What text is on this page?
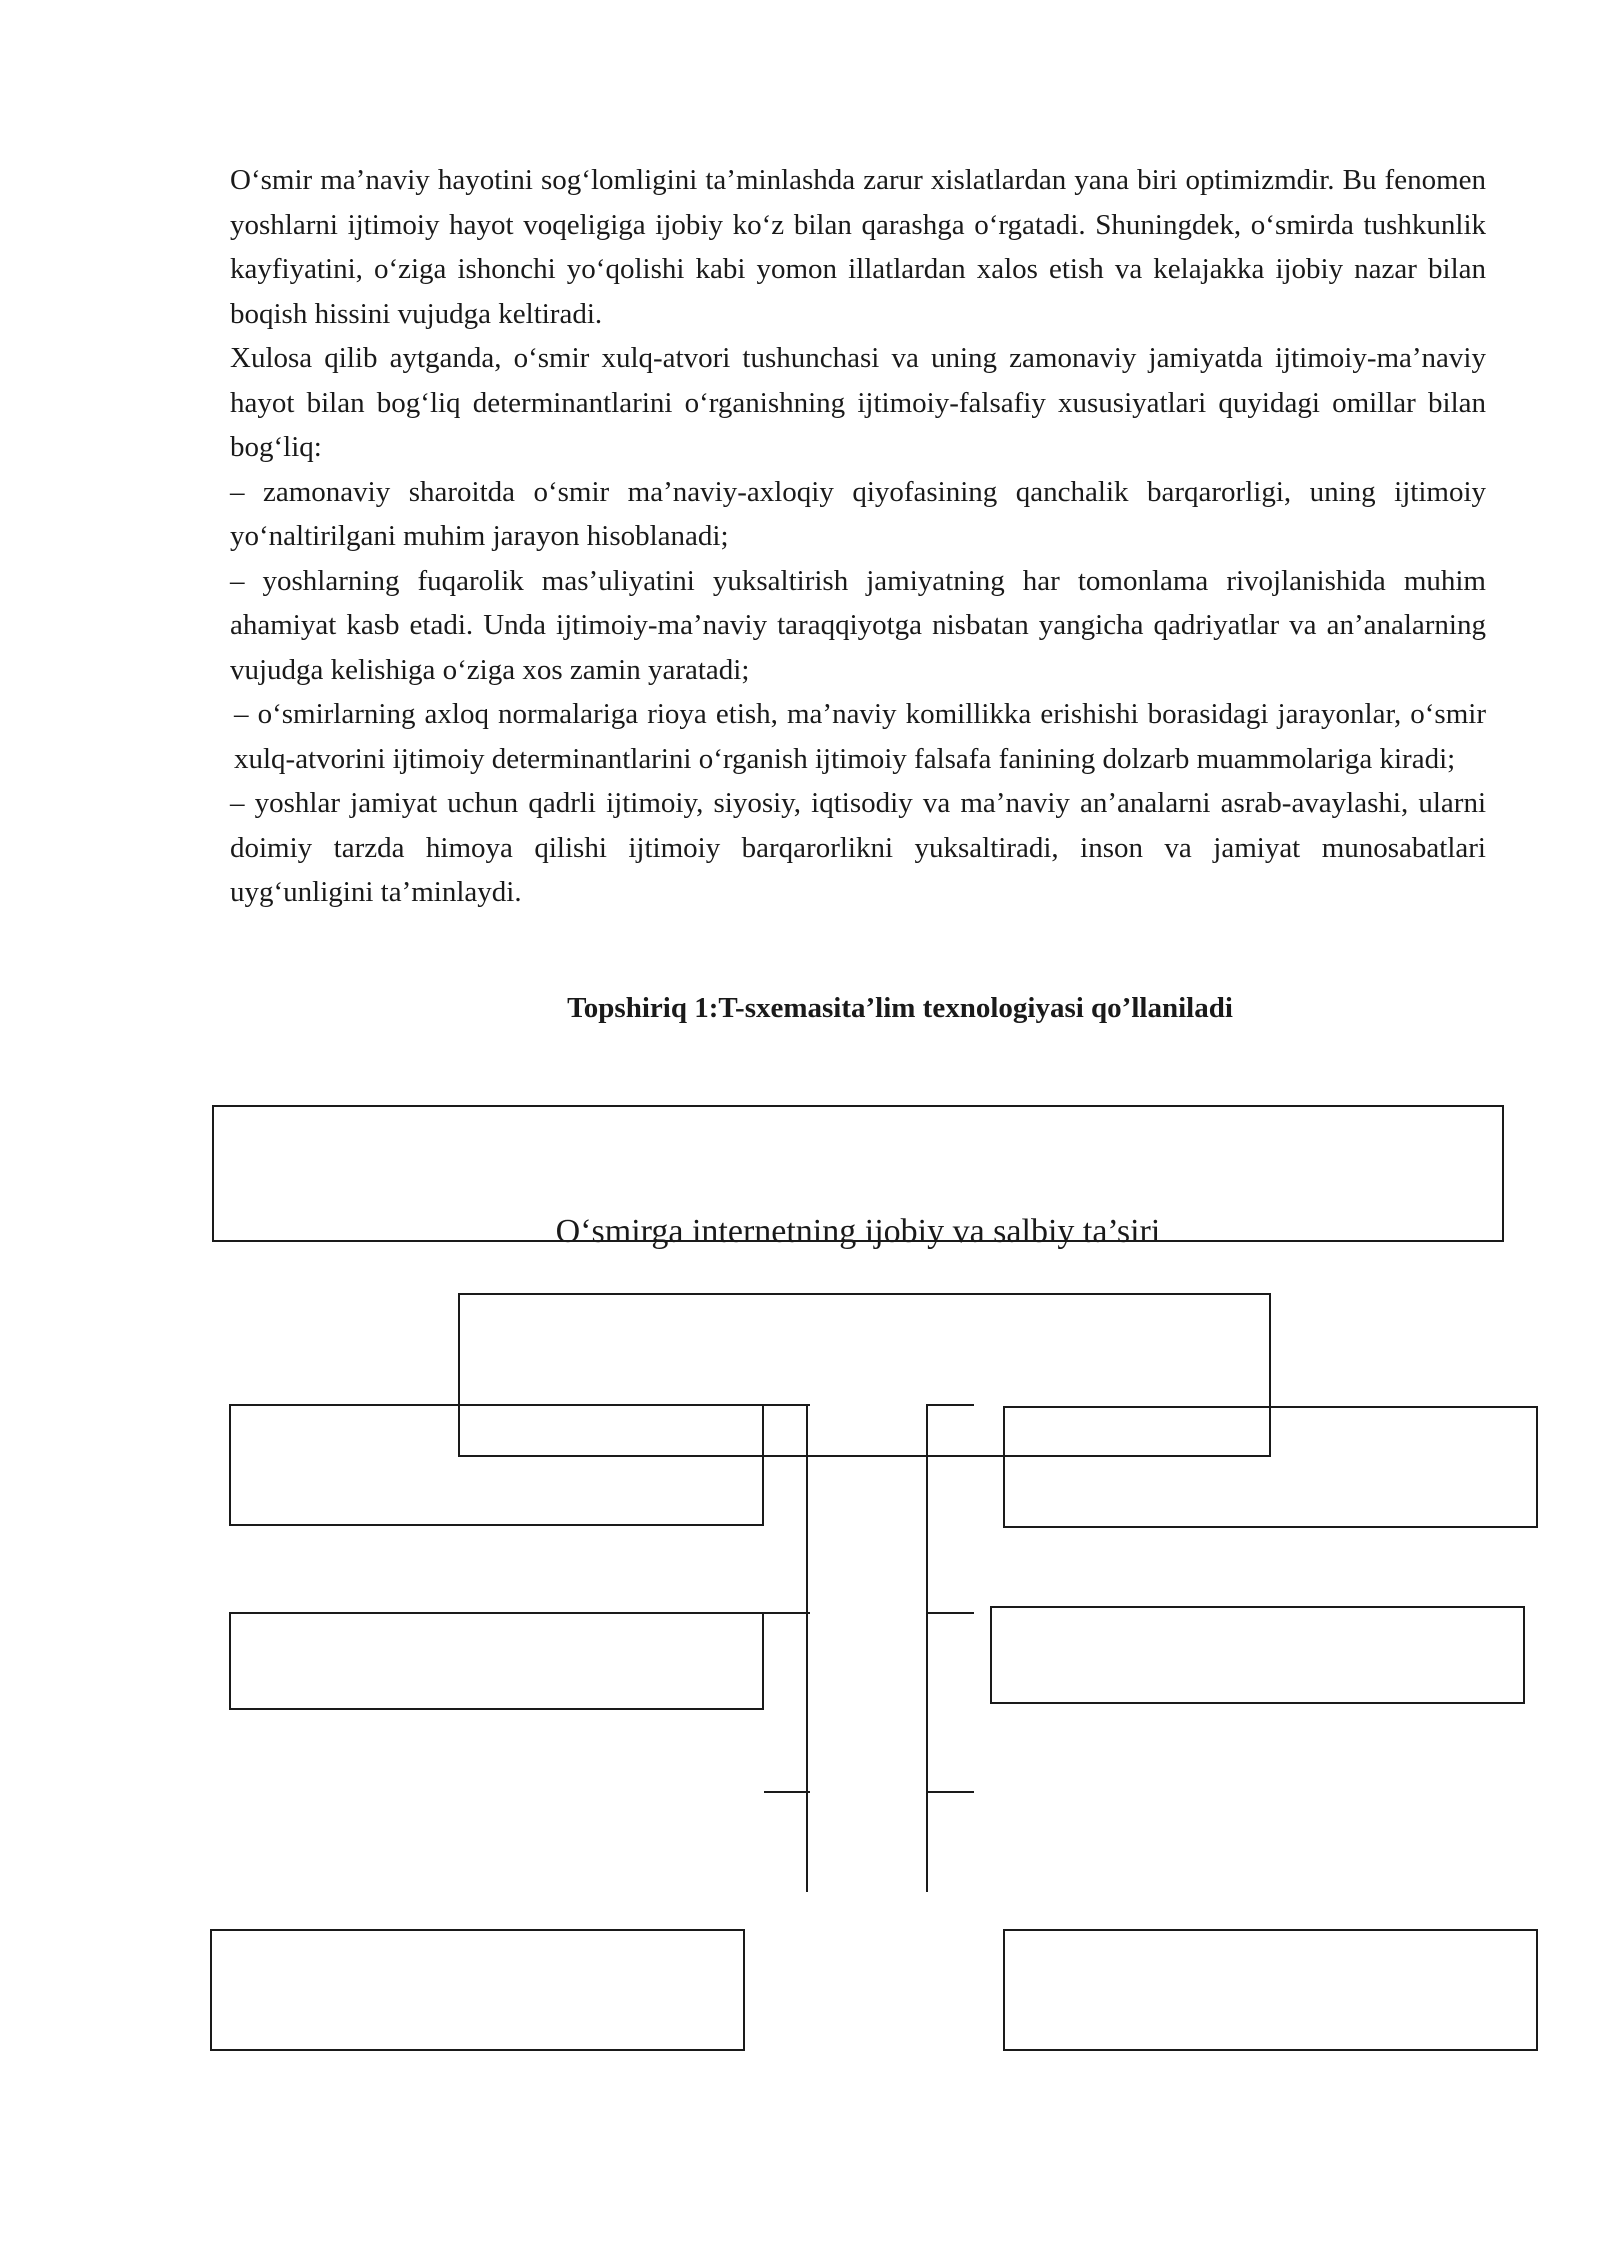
O‘smir ma’naviy hayotini sog‘lomligini ta’minlashda zarur xislatlardan yana biri optimizmdir. Bu fenomen yoshlarni ijtimoiy hayot voqeligiga ijobiy ko‘z bilan qarashga o‘rgatadi. Shuningdek, o‘smirda tushkunlik kayfiyatini, o‘ziga ishonchi yo‘qolishi kabi yomon illatlardan xalos etish va kelajakka ijobiy nazar bilan boqish hissini vujudga keltiradi.

Xulosa qilib aytganda, o‘smir xulq-atvori tushunchasi va uning zamonaviy jamiyatda ijtimoiy-ma’naviy hayot bilan bog‘liq determinantlarini o‘rganishning ijtimoiy-falsafiy xususiyatlari quyidagi omillar bilan bog‘liq:

– zamonaviy sharoitda o‘smir ma’naviy-axloqiy qiyofasining qanchalik barqarorligi, uning ijtimoiy yo‘naltirilgani muhim jarayon hisoblanadi;

– yoshlarning fuqarolik mas’uliyatini yuksaltirish jamiyatning har tomonlama rivojlanishida muhim ahamiyat kasb etadi. Unda ijtimoiy-ma’naviy taraqqiyotga nisbatan yangicha qadriyatlar va an’analarning vujudga kelishiga o‘ziga xos zamin yaratadi;

– o‘smirlarning axloq normalariga rioya etish, ma’naviy komillikka erishishi borasidagi jarayonlar, o‘smir xulq-atvorini ijtimoiy determinantlarini o‘rganish ijtimoiy falsafa fanining dolzarb muammolariga kiradi;

– yoshlar jamiyat uchun qadrli ijtimoiy, siyosiy, iqtisodiy va ma’naviy an’analarni asrab-avaylashi, ularni doimiy tarzda himoya qilishi ijtimoiy barqarorlikni yuksaltiradi, inson va jamiyat munosabatlari uyg‘unligini ta’minlaydi.

Topshiriq 1:T-sxemasita’lim texnologiyasi qo’llaniladi
O‘smirga internetning ijobiy va salbiy ta’siri
